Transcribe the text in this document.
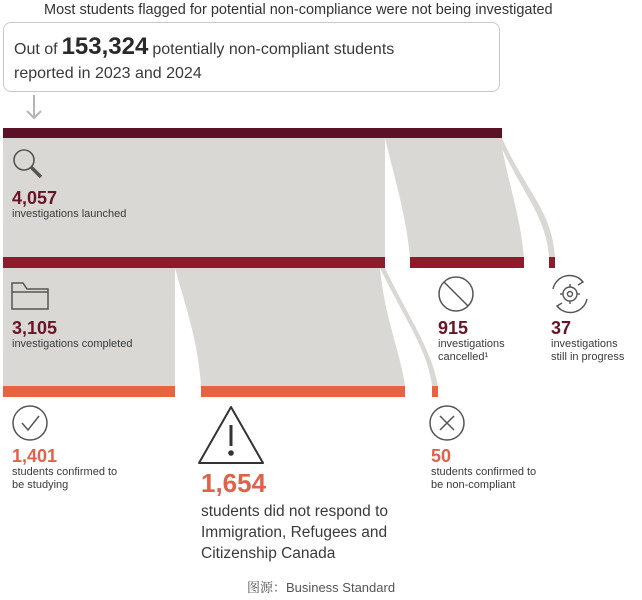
Most students flagged for potential non-compliance were not being investigated
Out of 153,324 potentially non-compliant students
reported in 2023 and 2024
4,057
investigations launched
3,105
investigations completed
915
investigations cancelled¹
37
investigations still in progress
1,401
students confirmed to be studying	1,654
students did not respond to Immigration, Refugees and Citizenship Canada
50
students confirmed to be non-compliant
图源：Business Standard
